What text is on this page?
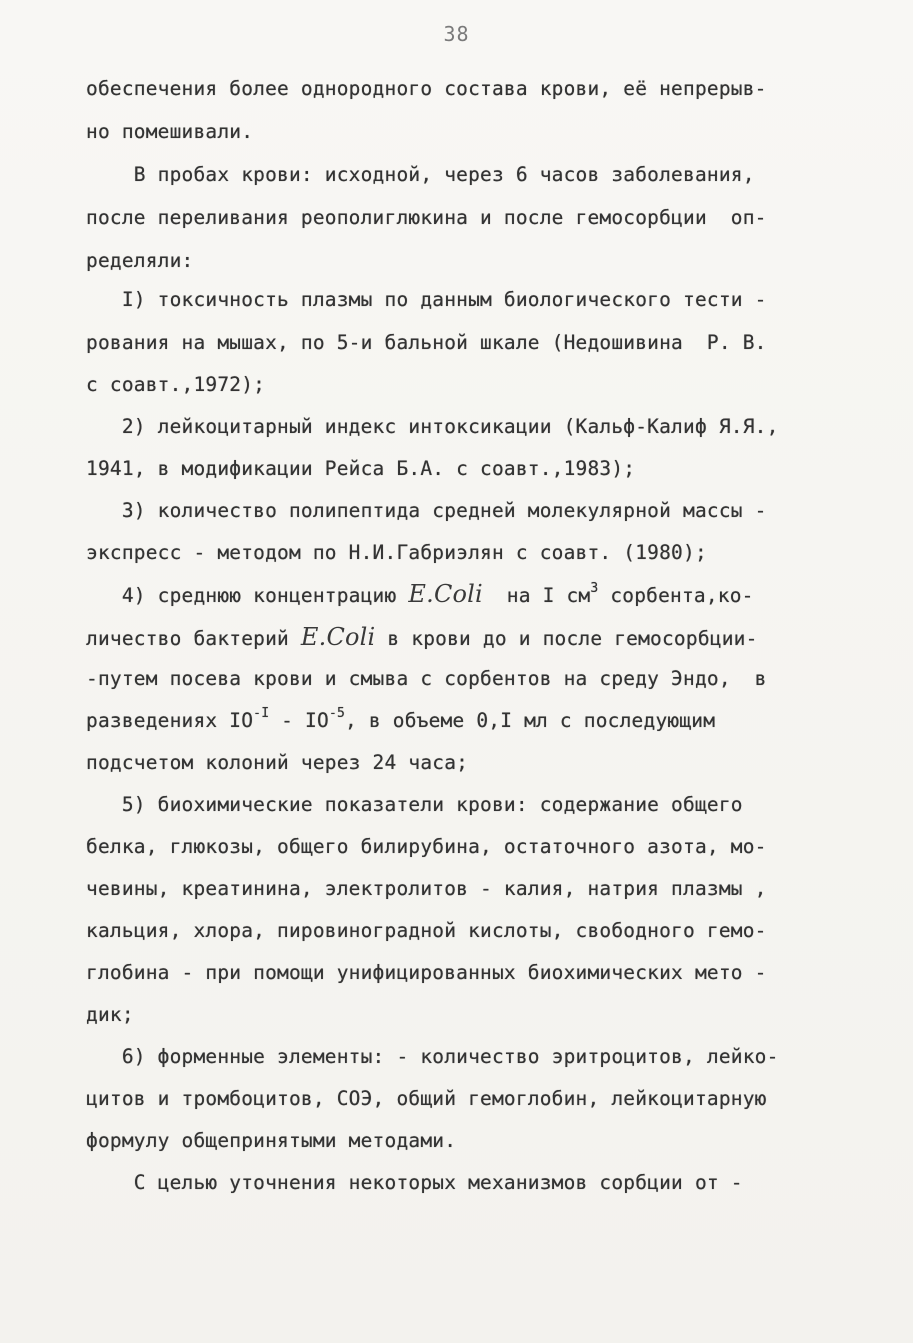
38
обеспечения более однородного состава крови, её непрерыв-
но помешивали.
В пробах крови: исходной, через 6 часов заболевания,
после переливания реополиглюкина и после гемосорбции  оп-
ределяли:
I) токсичность плазмы по данным биологического тести -
рования на мышах, по 5-и бальной шкале (Недошивина  Р. В.
с соавт.,1972);
2) лейкоцитарный индекс интоксикации (Кальф-Калиф Я.Я.,
1941, в модификации Рейса Б.А. с соавт.,1983);
3) количество полипептида средней молекулярной массы -
экспресс - методом по Н.И.Габриэлян с соавт. (1980);
4) среднюю концентрацию E.Coli  на I $см^3$ сорбента,ко-
личество бактерий E.Coli в крови до и после гемосорбции-
-путем посева крови и смыва с сорбентов на среду Эндо,  в
разведениях $IO^{-I} - IO^{-5}$, в объеме 0,I мл с последующим
подсчетом колоний через 24 часа;
5) биохимические показатели крови: содержание общего
белка, глюкозы, общего билирубина, остаточного азота, мо-
чевины, креатинина, электролитов - калия, натрия плазмы ,
кальция, хлора, пировиноградной кислоты, свободного гемо-
глобина - при помощи унифицированных биохимических мето -
дик;
6) форменные элементы: - количество эритроцитов, лейко-
цитов и тромбоцитов, СОЭ, общий гемоглобин, лейкоцитарную
формулу общепринятыми методами.
С целью уточнения некоторых механизмов сорбции от -
